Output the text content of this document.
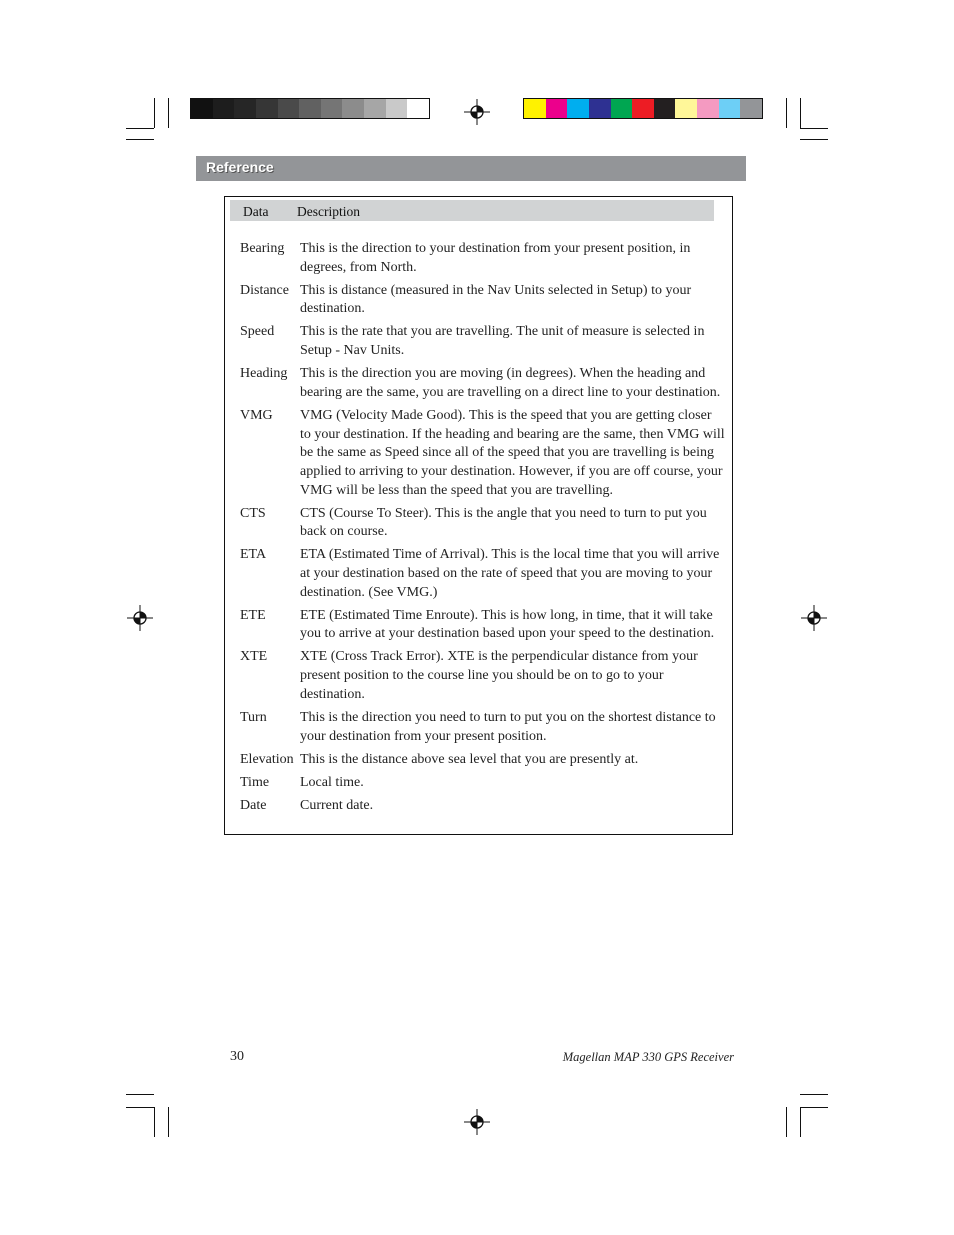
Reference
Data Description
Bearing	This is the direction to your destination from your present position, in degrees, from North.
Distance This is distance (measured in the Nav Units selected in Setup) to your destination.
Speed	This is the rate that you are travelling. The unit of measure is selected in Setup - Nav Units.
Heading This is the direction you are moving (in degrees). When the heading and bearing are the same, you are travelling on a direct line to your destination.
VMG	VMG (Velocity Made Good). This is the speed that you are getting closer to your destination. If the heading and bearing are the same, then VMG will be the same as Speed since all of the speed that you are travelling is being applied to arriving to your destination. However, if you are off course, your VMG will be less than the speed that you are travelling.
CTS	CTS (Course To Steer). This is the angle that you need to turn to put you back on course.
ETA	ETA (Estimated Time of Arrival). This is the local time that you will arrive at your destination based on the rate of speed that you are moving to your destination. (See VMG.)
ETE	ETE (Estimated Time Enroute). This is how long, in time, that it will take you to arrive at your destination based upon your speed to the destination.
XTE	XTE (Cross Track Error). XTE is the perpendicular distance from your present position to the course line you should be on to go to your destination.
Turn	This is the direction you need to turn to put you on the shortest distance to your destination from your present position.
Elevation This is the distance above sea level that you are presently at.
Time	Local time.
Date	Current date.
30	Magellan MAP 330 GPS Receiver
